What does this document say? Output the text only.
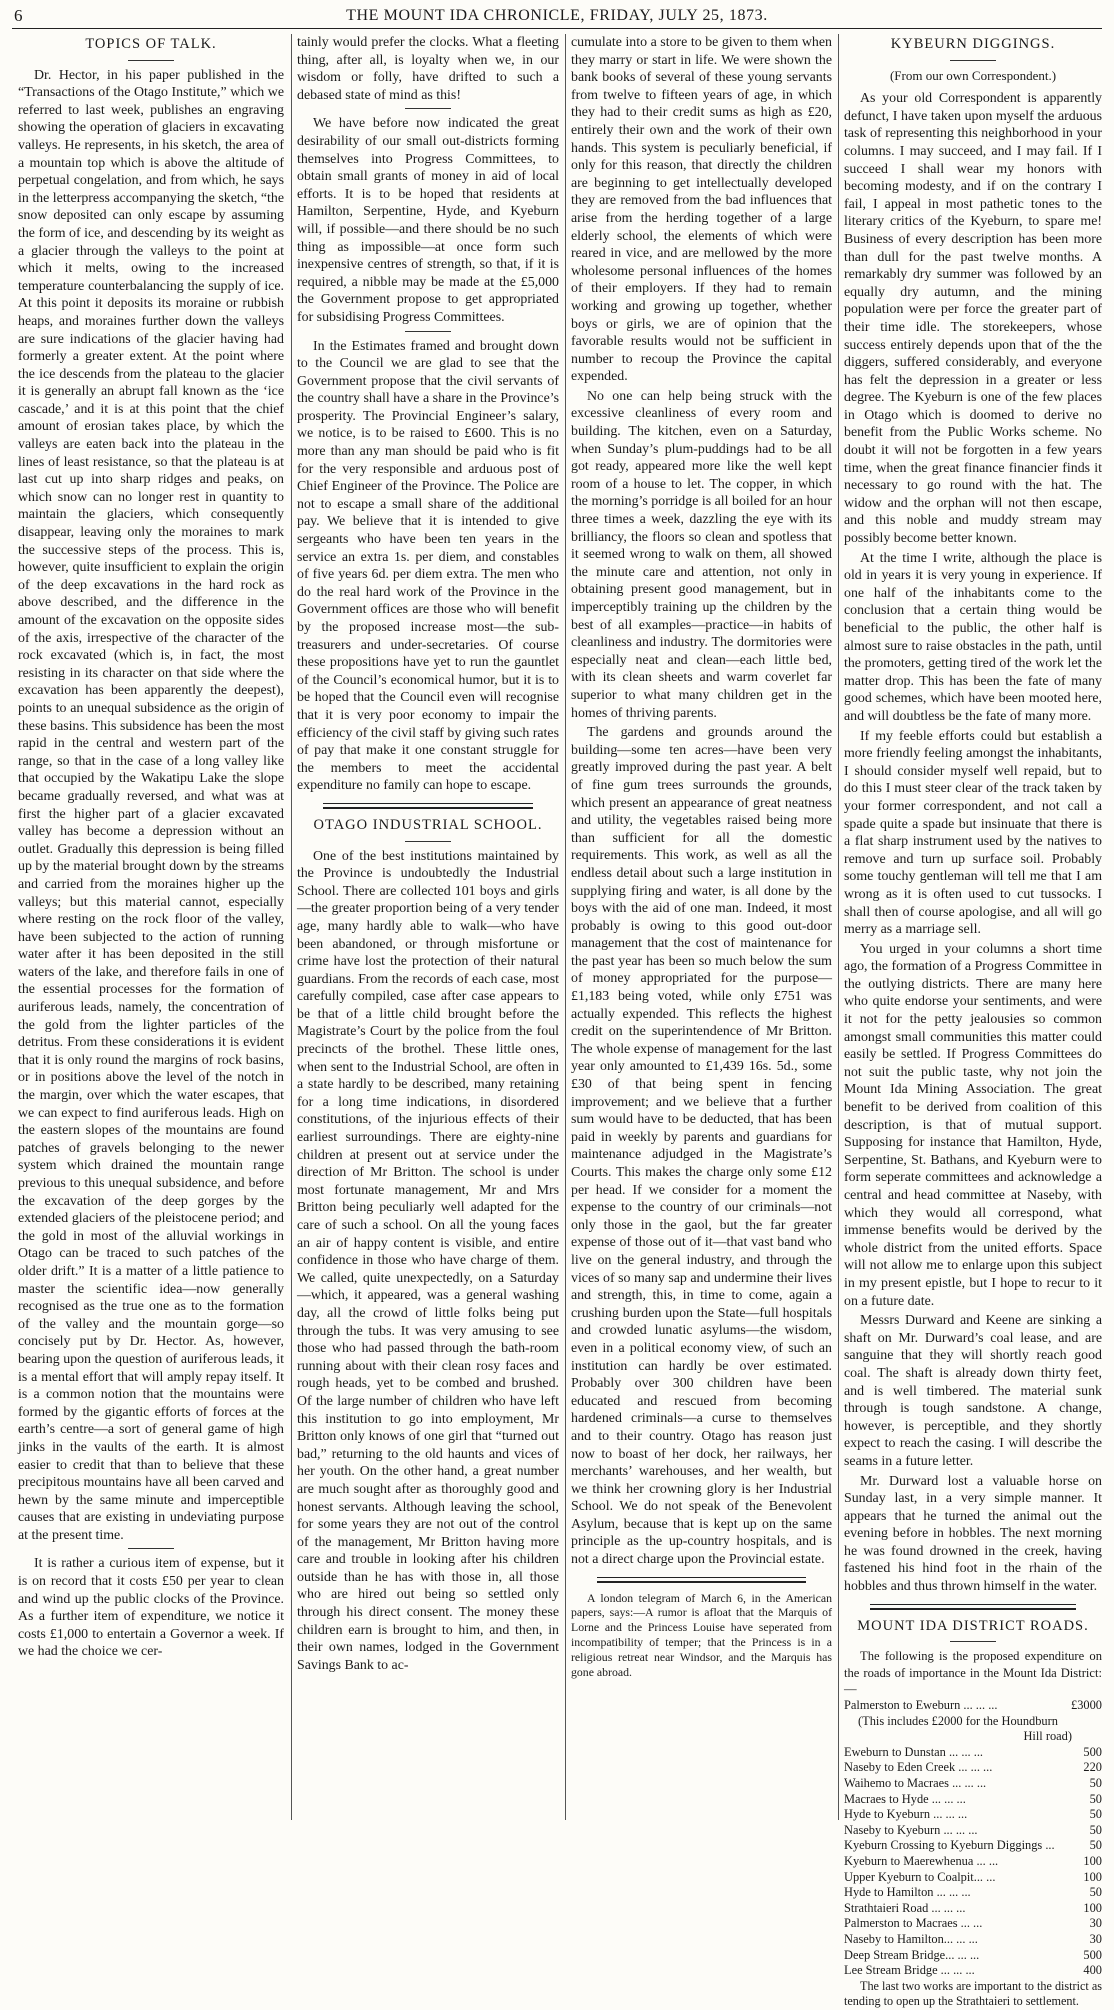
6	THE MOUNT IDA CHRONICLE, FRIDAY, JULY 25, 1873.
TOPICS OF TALK.

Dr. Hector, in his paper published in the “Transactions of the Otago Institute,” which we referred to last week, publishes an engraving showing the operation of glaciers in excavating valleys. He represents, in his sketch, the area of a mountain top which is above the altitude of perpetual congelation, and from which, he says in the letterpress accompanying the sketch, “the snow deposited can only escape by assuming the form of ice, and descending by its weight as a glacier through the valleys to the point at which it melts, owing to the increased temperature counterbalancing the supply of ice. At this point it deposits its moraine or rubbish heaps, and moraines further down the valleys are sure indications of the glacier having had formerly a greater extent. At the point where the ice descends from the plateau to the glacier it is generally an abrupt fall known as the ‘ice cascade,’ and it is at this point that the chief amount of erosian takes place, by which the valleys are eaten back into the plateau in the lines of least resistance, so that the plateau is at last cut up into sharp ridges and peaks, on which snow can no longer rest in quantity to maintain the glaciers, which consequently disappear, leaving only the moraines to mark the successive steps of the process. This is, however, quite insufficient to explain the origin of the deep excavations in the hard rock as above described, and the difference in the amount of the excavation on the opposite sides of the axis, irrespective of the character of the rock excavated (which is, in fact, the most resisting in its character on that side where the excavation has been apparently the deepest), points to an unequal subsidence as the origin of these basins. This subsidence has been the most rapid in the central and western part of the range, so that in the case of a long valley like that occupied by the Wakatipu Lake the slope became gradually reversed, and what was at first the higher part of a glacier excavated valley has become a depression without an outlet. Gradually this depression is being filled up by the material brought down by the streams and carried from the moraines higher up the valleys; but this material cannot, especially where resting on the rock floor of the valley, have been subjected to the action of running water after it has been deposited in the still waters of the lake, and therefore fails in one of the essential processes for the formation of auriferous leads, namely, the concentration of the gold from the lighter particles of the detritus. From these considerations it is evident that it is only round the margins of rock basins, or in positions above the level of the notch in the margin, over which the water escapes, that we can expect to find auriferous leads. High on the eastern slopes of the mountains are found patches of gravels belonging to the newer system which drained the mountain range previous to this unequal subsidence, and before the excavation of the deep gorges by the extended glaciers of the pleistocene period; and the gold in most of the alluvial workings in Otago can be traced to such patches of the older drift.” It is a matter of a little patience to master the scientific idea—now generally recognised as the true one as to the formation of the valley and the mountain gorge—so concisely put by Dr. Hector. As, however, bearing upon the question of auriferous leads, it is a mental effort that will amply repay itself. It is a common notion that the mountains were formed by the gigantic efforts of forces at the earth’s centre—a sort of general game of high jinks in the vaults of the earth. It is almost easier to credit that than to believe that these precipitous mountains have all been carved and hewn by the same minute and imperceptible causes that are existing in undeviating purpose at the present time.

It is rather a curious item of expense, but it is on record that it costs £50 per year to clean and wind up the public clocks of the Province. As a further item of expenditure, we notice it costs £1,000 to entertain a Governor a week. If we had the choice we cer-

tainly would prefer the clocks. What a fleeting thing, after all, is loyalty when we, in our wisdom or folly, have drifted to such a debased state of mind as this!

We have before now indicated the great desirability of our small out-districts forming themselves into Progress Committees, to obtain small grants of money in aid of local efforts. It is to be hoped that residents at Hamilton, Serpentine, Hyde, and Kyeburn will, if possible—and there should be no such thing as impossible—at once form such inexpensive centres of strength, so that, if it is required, a nibble may be made at the £5,000 the Government propose to get appropriated for subsidising Progress Committees.

In the Estimates framed and brought down to the Council we are glad to see that the Government propose that the civil servants of the country shall have a share in the Province’s prosperity. The Provincial Engineer’s salary, we notice, is to be raised to £600. This is no more than any man should be paid who is fit for the very responsible and arduous post of Chief Engineer of the Province. The Police are not to escape a small share of the additional pay. We believe that it is intended to give sergeants who have been ten years in the service an extra 1s. per diem, and constables of five years 6d. per diem extra. The men who do the real hard work of the Province in the Government offices are those who will benefit by the proposed increase most—the sub-treasurers and under-secretaries. Of course these propositions have yet to run the gauntlet of the Council’s economical humor, but it is to be hoped that the Council even will recognise that it is very poor economy to impair the efficiency of the civil staff by giving such rates of pay that make it one constant struggle for the members to meet the accidental expenditure no family can hope to escape.

OTAGO INDUSTRIAL SCHOOL.

One of the best institutions maintained by the Province is undoubtedly the Industrial School. There are collected 101 boys and girls—the greater proportion being of a very tender age, many hardly able to walk—who have been abandoned, or through misfortune or crime have lost the protection of their natural guardians. From the records of each case, most carefully compiled, case after case appears to be that of a little child brought before the Magistrate’s Court by the police from the foul precincts of the brothel. These little ones, when sent to the Industrial School, are often in a state hardly to be described, many retaining for a long time indications, in disordered constitutions, of the injurious effects of their earliest surroundings. There are eighty-nine children at present out at service under the direction of Mr Britton. The school is under most fortunate management, Mr and Mrs Britton being peculiarly well adapted for the care of such a school. On all the young faces an air of happy content is visible, and entire confidence in those who have charge of them. We called, quite unexpectedly, on a Saturday—which, it appeared, was a general washing day, all the crowd of little folks being put through the tubs. It was very amusing to see those who had passed through the bath-room running about with their clean rosy faces and rough heads, yet to be combed and brushed. Of the large number of children who have left this institution to go into employment, Mr Britton only knows of one girl that “turned out bad,” returning to the old haunts and vices of her youth. On the other hand, a great number are much sought after as thoroughly good and honest servants. Although leaving the school, for some years they are not out of the control of the management, Mr Britton having more care and trouble in looking after his children outside than he has with those in, all those who are hired out being so settled only through his direct consent. The money these children earn is brought to him, and then, in their own names, lodged in the Government Savings Bank to ac-

cumulate into a store to be given to them when they marry or start in life. We were shown the bank books of several of these young servants from twelve to fifteen years of age, in which they had to their credit sums as high as £20, entirely their own and the work of their own hands. This system is peculiarly beneficial, if only for this reason, that directly the children are beginning to get intellectually developed they are removed from the bad influences that arise from the herding together of a large elderly school, the elements of which were reared in vice, and are mellowed by the more wholesome personal influences of the homes of their employers. If they had to remain working and growing up together, whether boys or girls, we are of opinion that the favorable results would not be sufficient in number to recoup the Province the capital expended.

No one can help being struck with the excessive cleanliness of every room and building. The kitchen, even on a Saturday, when Sunday’s plum-puddings had to be all got ready, appeared more like the well kept room of a house to let. The copper, in which the morning’s porridge is all boiled for an hour three times a week, dazzling the eye with its brilliancy, the floors so clean and spotless that it seemed wrong to walk on them, all showed the minute care and attention, not only in obtaining present good management, but in imperceptibly training up the children by the best of all examples—practice—in habits of cleanliness and industry. The dormitories were especially neat and clean—each little bed, with its clean sheets and warm coverlet far superior to what many children get in the homes of thriving parents.

The gardens and grounds around the building—some ten acres—have been very greatly improved during the past year. A belt of fine gum trees surrounds the grounds, which present an appearance of great neatness and utility, the vegetables raised being more than sufficient for all the domestic requirements. This work, as well as all the endless detail about such a large institution in supplying firing and water, is all done by the boys with the aid of one man. Indeed, it most probably is owing to this good out-door management that the cost of maintenance for the past year has been so much below the sum of money appropriated for the purpose—£1,183 being voted, while only £751 was actually expended. This reflects the highest credit on the superintendence of Mr Britton. The whole expense of management for the last year only amounted to £1,439 16s. 5d., some £30 of that being spent in fencing improvement; and we believe that a further sum would have to be deducted, that has been paid in weekly by parents and guardians for maintenance adjudged in the Magistrate’s Courts. This makes the charge only some £12 per head. If we consider for a moment the expense to the country of our criminals—not only those in the gaol, but the far greater expense of those out of it—that vast band who live on the general industry, and through the vices of so many sap and undermine their lives and strength, this, in time to come, again a crushing burden upon the State—full hospitals and crowded lunatic asylums—the wisdom, even in a political economy view, of such an institution can hardly be over estimated. Probably over 300 children have been educated and rescued from becoming hardened criminals—a curse to themselves and to their country. Otago has reason just now to boast of her dock, her railways, her merchants’ warehouses, and her wealth, but we think her crowning glory is her Industrial School. We do not speak of the Benevolent Asylum, because that is kept up on the same principle as the up-country hospitals, and is not a direct charge upon the Provincial estate.

A london telegram of March 6, in the American papers, says:—A rumor is afloat that the Marquis of Lorne and the Princess Louise have seperated from incompatibility of temper; that the Princess is in a religious retreat near Windsor, and the Marquis has gone abroad.

KYBEURN DIGGINGS.
(From our own Correspondent.)

As your old Correspondent is apparently defunct, I have taken upon myself the arduous task of representing this neighborhood in your columns. I may succeed, and I may fail. If I succeed I shall wear my honors with becoming modesty, and if on the contrary I fail, I appeal in most pathetic tones to the literary critics of the Kyeburn, to spare me! Business of every description has been more than dull for the past twelve months. A remarkably dry summer was followed by an equally dry autumn, and the mining population were per force the greater part of their time idle. The storekeepers, whose success entirely depends upon that of the the diggers, suffered considerably, and everyone has felt the depression in a greater or less degree. The Kyeburn is one of the few places in Otago which is doomed to derive no benefit from the Public Works scheme. No doubt it will not be forgotten in a few years time, when the great finance financier finds it necessary to go round with the hat. The widow and the orphan will not then escape, and this noble and muddy stream may possibly become better known.

At the time I write, although the place is old in years it is very young in experience. If one half of the inhabitants come to the conclusion that a certain thing would be beneficial to the public, the other half is almost sure to raise obstacles in the path, until the promoters, getting tired of the work let the matter drop. This has been the fate of many good schemes, which have been mooted here, and will doubtless be the fate of many more.

If my feeble efforts could but establish a more friendly feeling amongst the inhabitants, I should consider myself well repaid, but to do this I must steer clear of the track taken by your former correspondent, and not call a spade quite a spade but insinuate that there is a flat sharp instrument used by the natives to remove and turn up surface soil. Probably some touchy gentleman will tell me that I am wrong as it is often used to cut tussocks. I shall then of course apologise, and all will go merry as a marriage sell.

You urged in your columns a short time ago, the formation of a Progress Committee in the outlying districts. There are many here who quite endorse your sentiments, and were it not for the petty jealousies so common amongst small communities this matter could easily be settled. If Progress Committees do not suit the public taste, why not join the Mount Ida Mining Association. The great benefit to be derived from coalition of this description, is that of mutual support. Supposing for instance that Hamilton, Hyde, Serpentine, St. Bathans, and Kyeburn were to form seperate committees and acknowledge a central and head committee at Naseby, with which they would all correspond, what immense benefits would be derived by the whole district from the united efforts. Space will not allow me to enlarge upon this subject in my present epistle, but I hope to recur to it on a future date.

Messrs Durward and Keene are sinking a shaft on Mr. Durward’s coal lease, and are sanguine that they will shortly reach good coal. The shaft is already down thirty feet, and is well timbered. The material sunk through is tough sandstone. A change, however, is perceptible, and they shortly expect to reach the casing. I will describe the seams in a future letter.

Mr. Durward lost a valuable horse on Sunday last, in a very simple manner. It appears that he turned the animal out the evening before in hobbles. The next morning he was found drowned in the creek, having fastened his hind foot in the rhain of the hobbles and thus thrown himself in the water.

MOUNT IDA DISTRICT ROADS.

The following is the proposed expenditure on the roads of importance in the Mount Ida District:—

Palmerston to Eweburn ... ... ...	£3000
(This includes £2000 for the Houndburn	
Hill road)	
Eweburn to Dunstan ... ... ...	500
Naseby to Eden Creek ... ... ...	220
Waihemo to Macraes ... ... ...	50
Macraes to Hyde ... ... ...	50
Hyde to Kyeburn ... ... ...	50
Naseby to Kyeburn ... ... ...	50
Kyeburn Crossing to Kyeburn Diggings ...	50
Kyeburn to Maerewhenua ... ...	100
Upper Kyeburn to Coalpit... ...	100
Hyde to Hamilton ... ... ...	50
Strathtaieri Road ... ... ...	100
Palmerston to Macraes ... ...	30
Naseby to Hamilton... ... ...	30
Deep Stream Bridge... ... ...	500
Lee Stream Bridge ... ... ...	400

The last two works are important to the district as tending to open up the Strathtaieri to settlement.
